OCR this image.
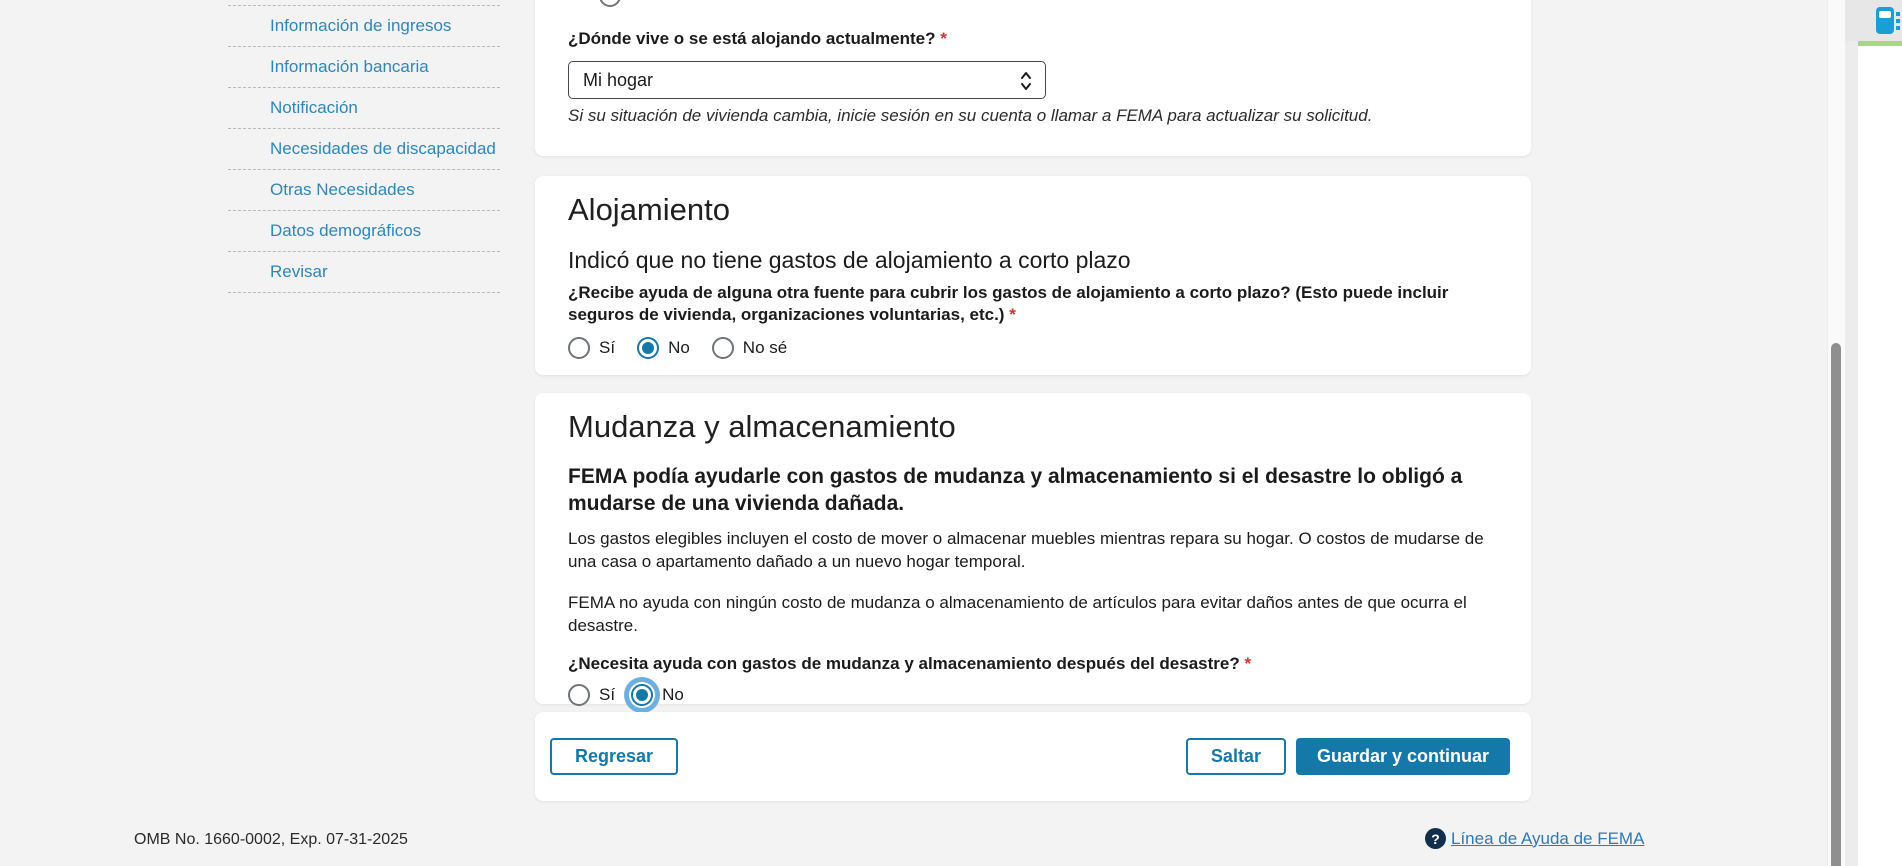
Información de ingresos
Información bancaria
Notificación
Necesidades de discapacidad
Otras Necesidades
Datos demográficos
Revisar
¿Dónde vive o se está alojando actualmente? *
Mi hogar
Si su situación de vivienda cambia, inicie sesión en su cuenta o llamar a FEMA para actualizar su solicitud.
Alojamiento
Indicó que no tiene gastos de alojamiento a corto plazo
¿Recibe ayuda de alguna otra fuente para cubrir los gastos de alojamiento a corto plazo? (Esto puede incluir seguros de vivienda, organizaciones voluntarias, etc.) *
Sí	No	No sé
Mudanza y almacenamiento
FEMA podía ayudarle con gastos de mudanza y almacenamiento si el desastre lo obligó a mudarse de una vivienda dañada.

Los gastos elegibles incluyen el costo de mover o almacenar muebles mientras repara su hogar. O costos de mudarse de una casa o apartamento dañado a un nuevo hogar temporal.

FEMA no ayuda con ningún costo de mudanza o almacenamiento de artículos para evitar daños antes de que ocurra el desastre.

¿Necesita ayuda con gastos de mudanza y almacenamiento después del desastre? *
Sí	No
Regresar	Saltar	Guardar y continuar
OMB No. 1660-0002, Exp. 07-31-2025	? Línea de Ayuda de FEMA
